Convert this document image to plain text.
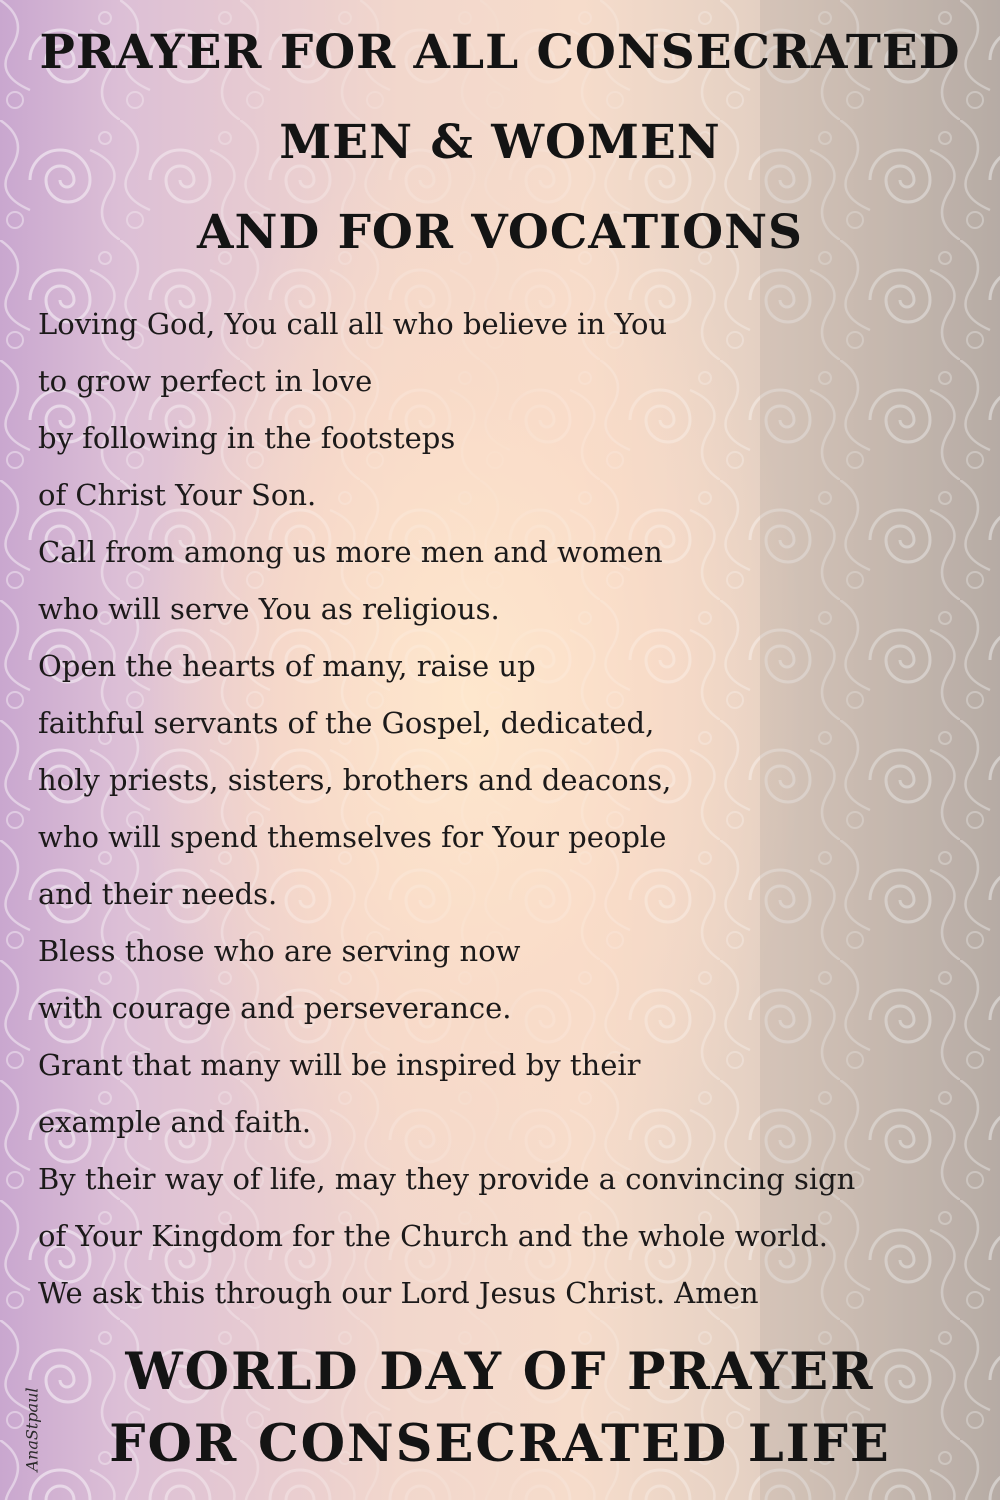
PRAYER FOR ALL CONSECRATED
MEN & WOMEN
AND FOR VOCATIONS
Loving God, You call all who believe in You
to grow perfect in love
by following in the footsteps
of Christ Your Son.
Call from among us more men and women
who will serve You as religious.
Open the hearts of many, raise up
faithful servants of the Gospel, dedicated,
holy priests, sisters, brothers and deacons,
who will spend themselves for Your people
and their needs.
Bless those who are serving now
with courage and perseverance.
Grant that many will be inspired by their
example and faith.
By their way of life, may they provide a convincing sign
of Your Kingdom for the Church and the whole world.
We ask this through our Lord Jesus Christ. Amen
WORLD DAY OF PRAYER
FOR CONSECRATED LIFE
AnaStpaul
